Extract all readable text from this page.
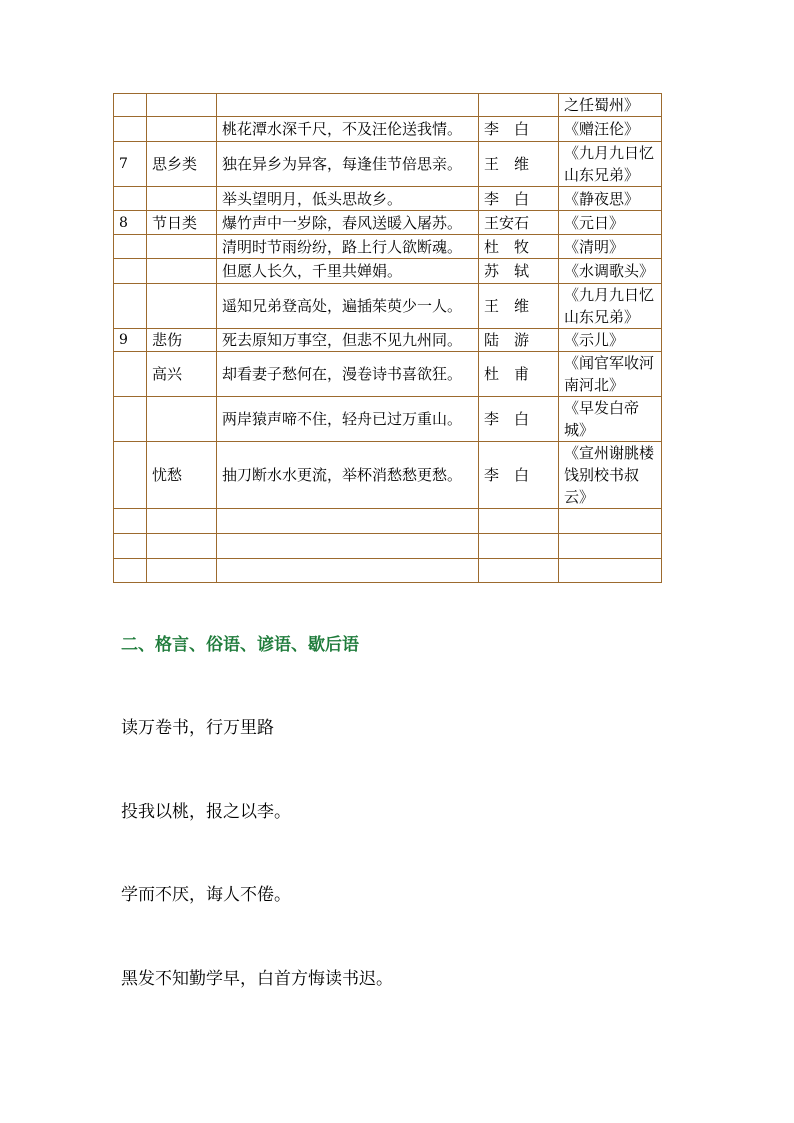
				之任蜀州》
		桃花潭水深千尺，不及汪伦送我情。	李　白	《赠汪伦》
7	思乡类	独在异乡为异客，每逢佳节倍思亲。	王　维	《九月九日忆山东兄弟》
		举头望明月，低头思故乡。	李　白	《静夜思》
8	节日类	爆竹声中一岁除，春风送暖入屠苏。	王安石	《元日》
		清明时节雨纷纷，路上行人欲断魂。	杜　牧	《清明》
		但愿人长久，千里共婵娟。	苏　轼	《水调歌头》
		遥知兄弟登高处，遍插茱萸少一人。	王　维	《九月九日忆山东兄弟》
9	悲伤	死去原知万事空，但悲不见九州同。	陆　游	《示儿》
	高兴	却看妻子愁何在，漫卷诗书喜欲狂。	杜　甫	《闻官军收河南河北》
		两岸猿声啼不住，轻舟已过万重山。	李　白	《早发白帝城》
	忧愁	抽刀断水水更流，举杯消愁愁更愁。	李　白	《宣州谢朓楼饯别校书叔云》

二、格言、俗语、谚语、歇后语

读万卷书，行万里路

投我以桃，报之以李。

学而不厌，诲人不倦。

黑发不知勤学早，白首方悔读书迟。
